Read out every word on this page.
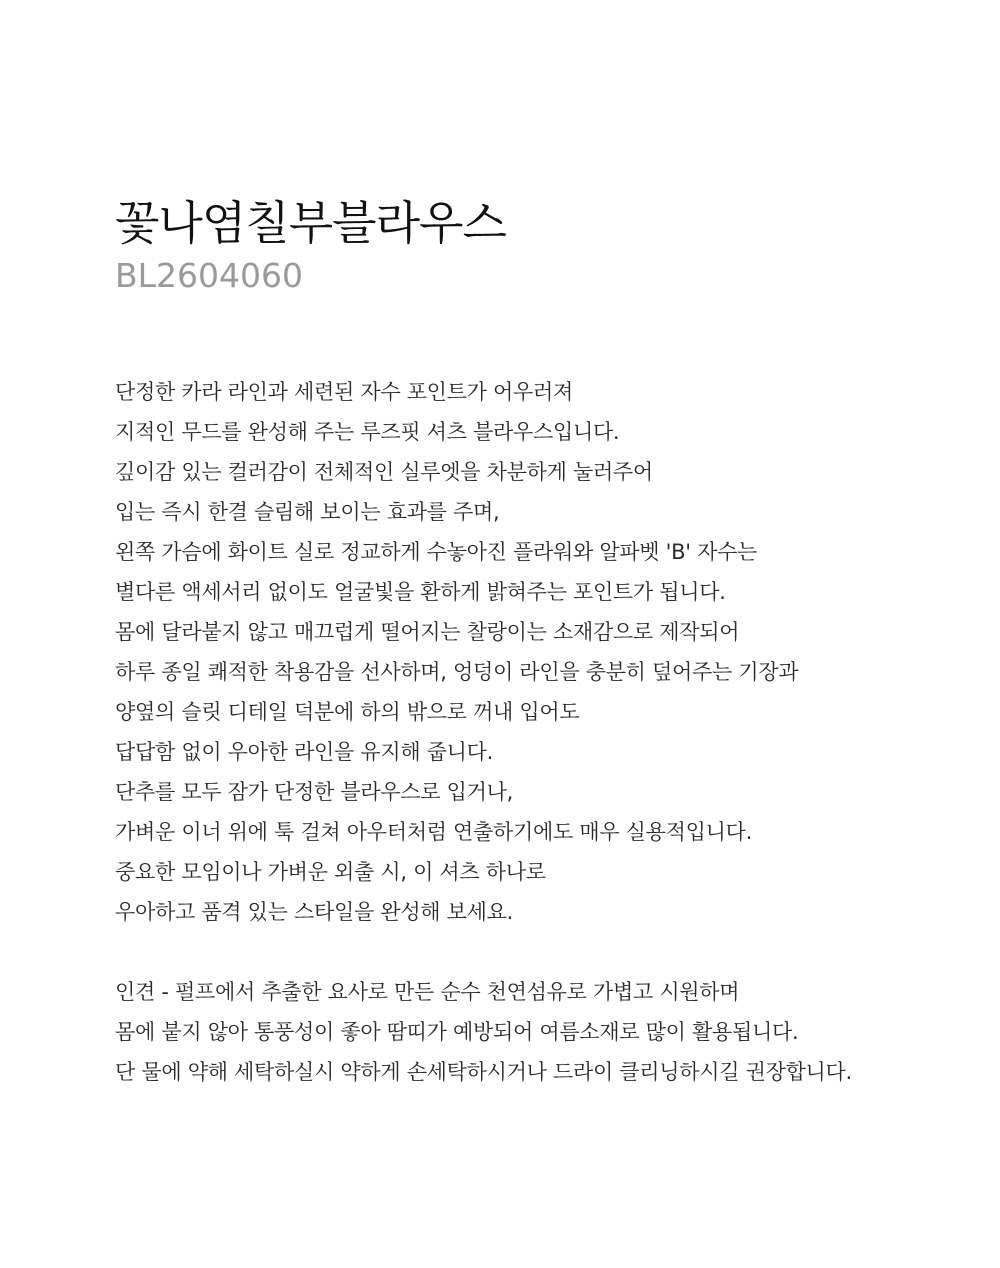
꽃나염칠부블라우스

BL2604060

단정한 카라 라인과 세련된 자수 포인트가 어우러져
지적인 무드를 완성해 주는 루즈핏 셔츠 블라우스입니다.
깊이감 있는 컬러감이 전체적인 실루엣을 차분하게 눌러주어
입는 즉시 한결 슬림해 보이는 효과를 주며,
왼쪽 가슴에 화이트 실로 정교하게 수놓아진 플라워와 알파벳 'B' 자수는
별다른 액세서리 없이도 얼굴빛을 환하게 밝혀주는 포인트가 됩니다.
몸에 달라붙지 않고 매끄럽게 떨어지는 찰랑이는 소재감으로 제작되어
하루 종일 쾌적한 착용감을 선사하며, 엉덩이 라인을 충분히 덮어주는 기장과
양옆의 슬릿 디테일 덕분에 하의 밖으로 꺼내 입어도
답답함 없이 우아한 라인을 유지해 줍니다.
단추를 모두 잠가 단정한 블라우스로 입거나,
가벼운 이너 위에 툭 걸쳐 아우터처럼 연출하기에도 매우 실용적입니다.
중요한 모임이나 가벼운 외출 시, 이 셔츠 하나로
우아하고 품격 있는 스타일을 완성해 보세요.
인견 - 펄프에서 추출한 요사로 만든 순수 천연섬유로 가볍고 시원하며
몸에 붙지 않아 통풍성이 좋아 땀띠가 예방되어 여름소재로 많이 활용됩니다.
단 물에 약해 세탁하실시 약하게 손세탁하시거나 드라이 클리닝하시길 권장합니다.
